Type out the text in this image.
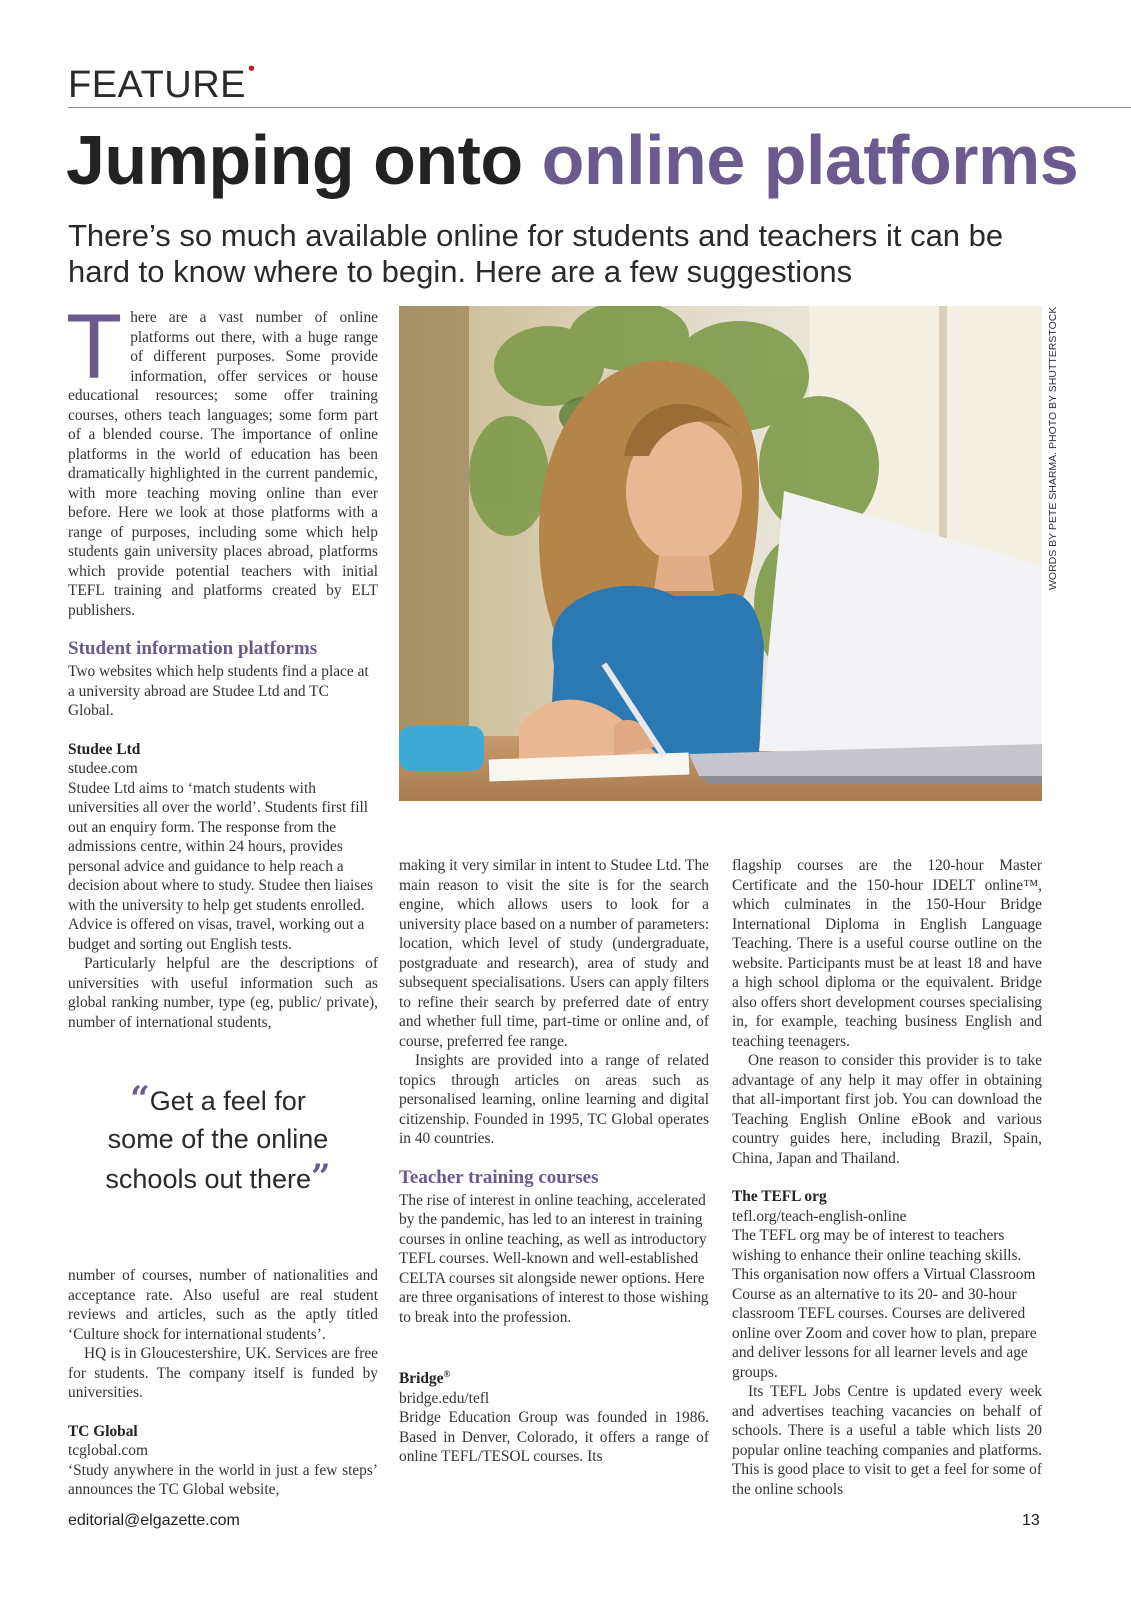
FEATURE •
Jumping onto online platforms
There’s so much available online for students and teachers it can be hard to know where to begin. Here are a few suggestions

There are a vast number of online platforms out there, with a huge range of different purposes. Some provide information, offer services or house educational resources; some offer training courses, others teach languages; some form part of a blended course. The importance of online platforms in the world of education has been dramatically highlighted in the current pandemic, with more teaching moving online than ever before. Here we look at those platforms with a range of purposes, including some which help students gain university places abroad, platforms which provide potential teachers with initial TEFL training and platforms created by ELT publishers.

Student information platforms

Two websites which help students find a place at a university abroad are Studee Ltd and TC Global.

Studee Ltd
studee.com

Studee Ltd aims to ‘match students with universities all over the world’. Students first fill out an enquiry form. The response from the admissions centre, within 24 hours, provides personal advice and guidance to help reach a decision about where to study. Studee then liaises with the university to help get students enrolled. Advice is offered on visas, travel, working out a budget and sorting out English tests.

Particularly helpful are the descriptions of universities with useful information such as global ranking number, type (eg, public/ private), number of international students,

“Get a feel for some of the online schools out there”

number of courses, number of nationalities and acceptance rate. Also useful are real student reviews and articles, such as the aptly titled ‘Culture shock for international students’.

HQ is in Gloucestershire, UK. Services are free for students. The company itself is funded by universities.

TC Global
tcglobal.com

‘Study anywhere in the world in just a few steps’ announces the TC Global website,

WORDS BY PETE SHARMA. PHOTO BY SHUTTERSTOCK

making it very similar in intent to Studee Ltd. The main reason to visit the site is for the search engine, which allows users to look for a university place based on a number of parameters: location, which level of study (undergraduate, postgraduate and research), area of study and subsequent specialisations. Users can apply filters to refine their search by preferred date of entry and whether full time, part-time or online and, of course, preferred fee range.

Insights are provided into a range of related topics through articles on areas such as personalised learning, online learning and digital citizenship. Founded in 1995, TC Global operates in 40 countries.

Teacher training courses

The rise of interest in online teaching, accelerated by the pandemic, has led to an interest in training courses in online teaching, as well as introductory TEFL courses. Well-known and well-established CELTA courses sit alongside newer options. Here are three organisations of interest to those wishing to break into the profession.

Bridge®
bridge.edu/tefl

Bridge Education Group was founded in 1986. Based in Denver, Colorado, it offers a range of online TEFL/TESOL courses. Its

flagship courses are the 120-hour Master Certificate and the 150-hour IDELT online™, which culminates in the 150-Hour Bridge International Diploma in English Language Teaching. There is a useful course outline on the website. Participants must be at least 18 and have a high school diploma or the equivalent. Bridge also offers short development courses specialising in, for example, teaching business English and teaching teenagers.

One reason to consider this provider is to take advantage of any help it may offer in obtaining that all-important first job. You can download the Teaching English Online eBook and various country guides here, including Brazil, Spain, China, Japan and Thailand.

The TEFL org
tefl.org/teach-english-online

The TEFL org may be of interest to teachers wishing to enhance their online teaching skills. This organisation now offers a Virtual Classroom Course as an alternative to its 20- and 30-hour classroom TEFL courses. Courses are delivered online over Zoom and cover how to plan, prepare and deliver lessons for all learner levels and age groups.

Its TEFL Jobs Centre is updated every week and advertises teaching vacancies on behalf of schools. There is a useful a table which lists 20 popular online teaching companies and platforms. This is good place to visit to get a feel for some of the online schools

editorial@elgazette.com	13
